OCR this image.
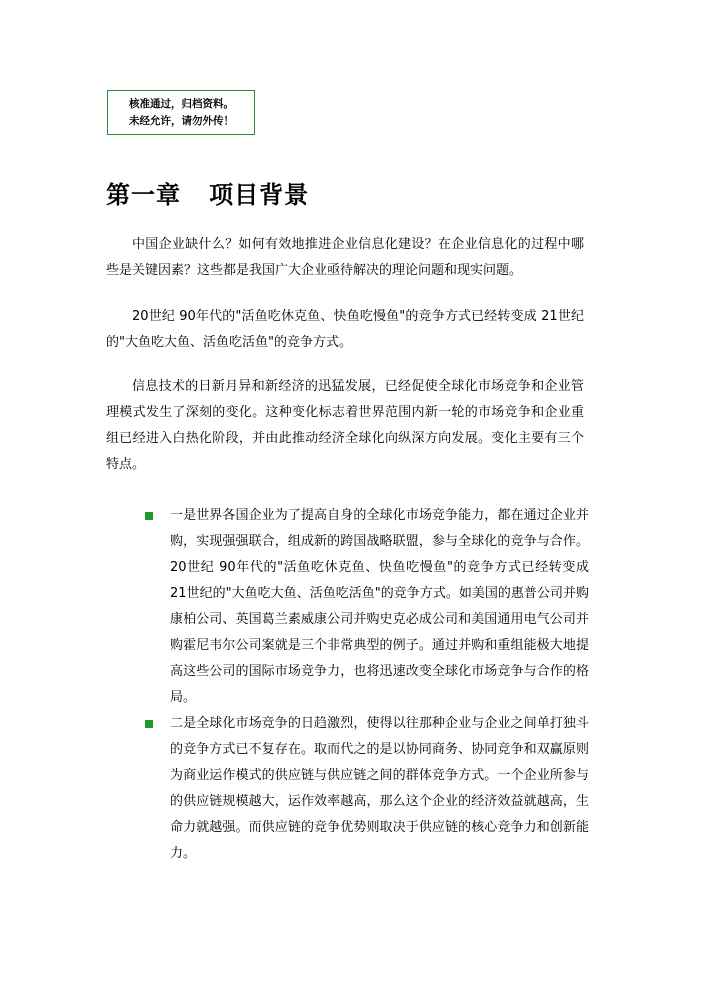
核准通过，归档资料。
未经允许，请勿外传！
第一章   项目背景

中国企业缺什么？如何有效地推进企业信息化建设？在企业信息化的过程中哪些是关键因素？这些都是我国广大企业亟待解决的理论问题和现实问题。

20世纪 90年代的"活鱼吃休克鱼、快鱼吃慢鱼"的竞争方式已经转变成 21世纪的"大鱼吃大鱼、活鱼吃活鱼"的竞争方式。

信息技术的日新月异和新经济的迅猛发展，已经促使全球化市场竞争和企业管理模式发生了深刻的变化。这种变化标志着世界范围内新一轮的市场竞争和企业重组已经进入白热化阶段，并由此推动经济全球化向纵深方向发展。变化主要有三个特点。

一是世界各国企业为了提高自身的全球化市场竞争能力，都在通过企业并购，实现强强联合，组成新的跨国战略联盟，参与全球化的竞争与合作。20世纪 90年代的"活鱼吃休克鱼、快鱼吃慢鱼"的竞争方式已经转变成 21世纪的"大鱼吃大鱼、活鱼吃活鱼"的竞争方式。如美国的惠普公司并购康柏公司、英国葛兰素威康公司并购史克必成公司和美国通用电气公司并购霍尼韦尔公司案就是三个非常典型的例子。通过并购和重组能极大地提高这些公司的国际市场竞争力，也将迅速改变全球化市场竞争与合作的格局。
二是全球化市场竞争的日趋激烈，使得以往那种企业与企业之间单打独斗的竞争方式已不复存在。取而代之的是以协同商务、协同竞争和双赢原则为商业运作模式的供应链与供应链之间的群体竞争方式。一个企业所参与的供应链规模越大，运作效率越高，那么这个企业的经济效益就越高，生命力就越强。而供应链的竞争优势则取决于供应链的核心竞争力和创新能力。
